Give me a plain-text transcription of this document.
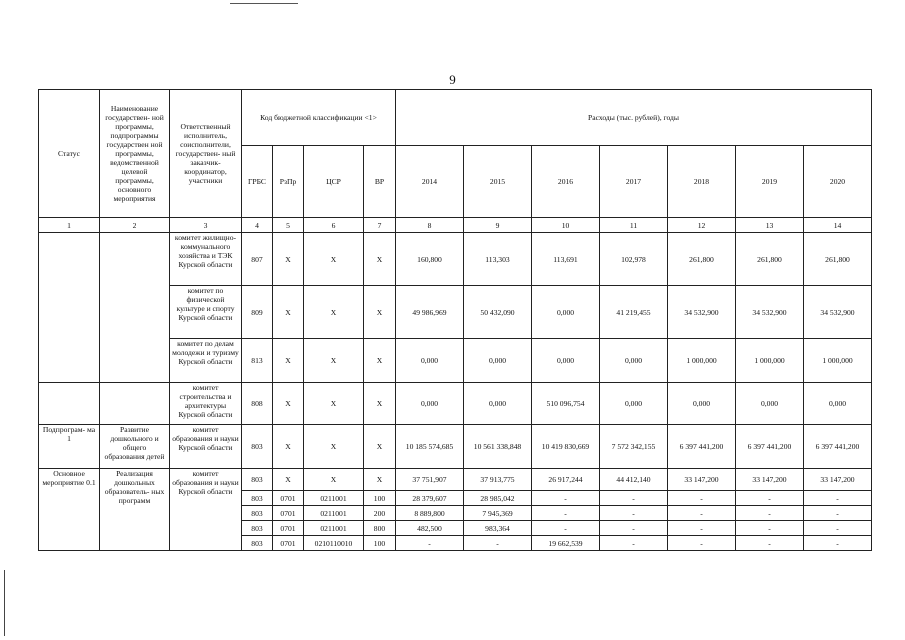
9
Статус	Наименование государствен- ной программы, подпрограммы государствен ной программы, ведомственной целевой программы, основного мероприятия	Ответственный исполнитель, соисполнители, государствен- ный заказчик- координатор, участники	Код бюджетной классификации <1>				Расходы (тыс. рублей), годы						
			ГРБС	РзПр	ЦСР	ВР	2014	2015	2016	2017	2018	2019	2020
1	2	3	4	5	6	7	8	9	10	11	12	13	14
		комитет жилищно- коммунального хозяйства и ТЭК Курской области	807	Х	Х	Х	160,800	113,303	113,691	102,978	261,800	261,800	261,800
		комитет по физической культуре и спорту Курской области	809	Х	Х	Х	49 986,969	50 432,090	0,000	41 219,455	34 532,900	34 532,900	34 532,900
		комитет по делам молодежи и туризму Курской области	813	Х	Х	Х	0,000	0,000	0,000	0,000	1 000,000	1 000,000	1 000,000
		комитет строительства и архитектуры Курской области	808	Х	Х	Х	0,000	0,000	510 096,754	0,000	0,000	0,000	0,000
Подпрограм- ма 1	Развитие дошкольного и общего образования детей	комитет образования и науки Курской области	803	Х	Х	Х	10 185 574,685	10 561 338,848	10 419 830,669	7 572 342,155	6 397 441,200	6 397 441,200	6 397 441,200
Основное мероприятие 0.1	Реализация дошкольных образователь- ных программ	комитет образования и науки Курской области	803	Х	Х	Х	37 751,907	37 913,775	26 917,244	44 412,140	33 147,200	33 147,200	33 147,200
			803	0701	0211001	100	28 379,607	28 985,042	-	-	-	-	-
			803	0701	0211001	200	8 889,800	7 945,369	-	-	-	-	-
			803	0701	0211001	800	482,500	983,364	-	-	-	-	-
			803	0701	0210110010	100	-	-	19 662,539	-	-	-	-
